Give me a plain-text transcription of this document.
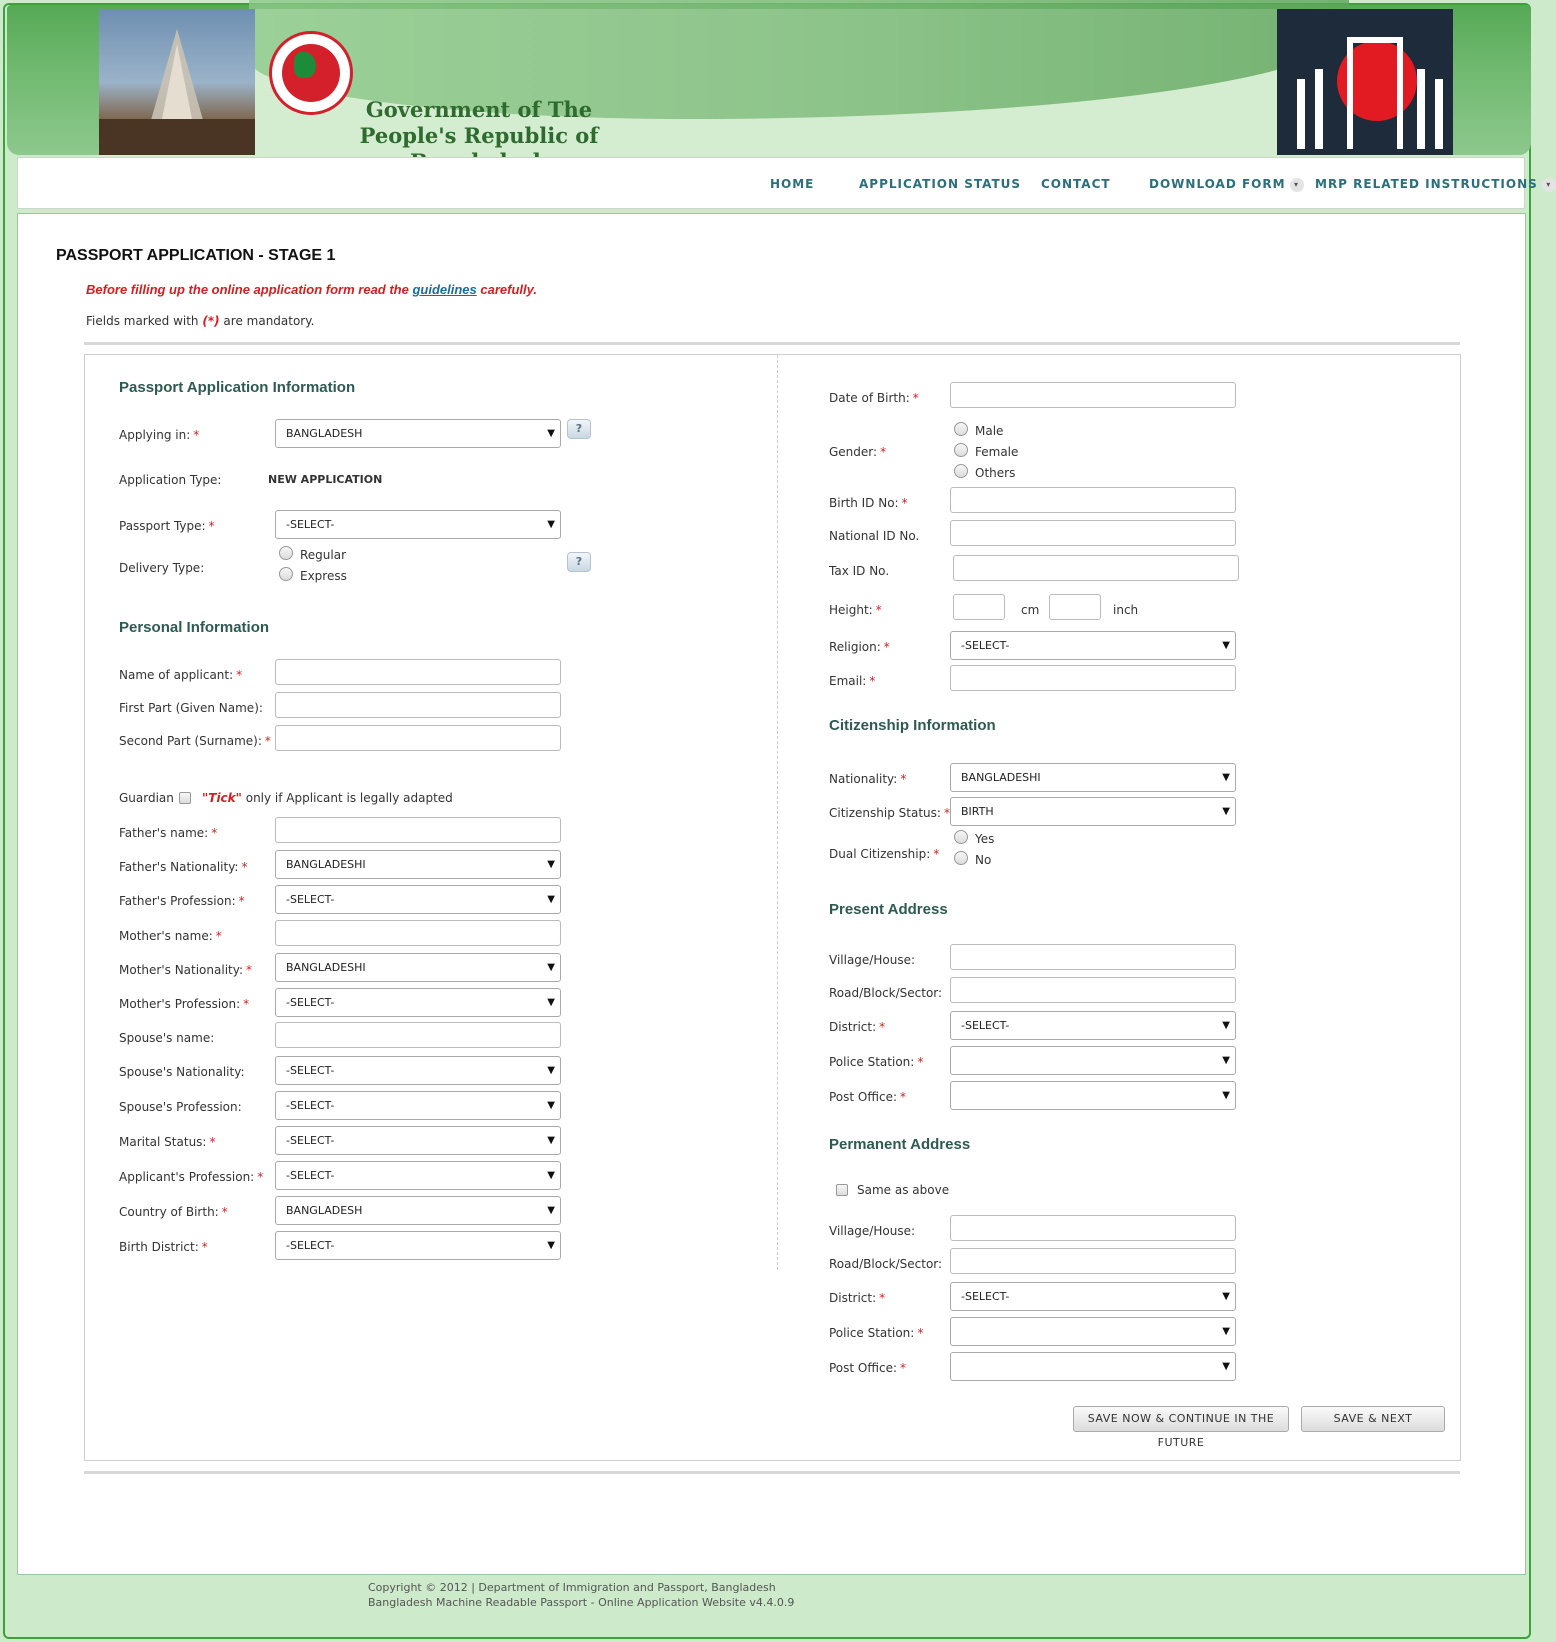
Government of The
People's Republic of
HOME	APPLICATION STATUS CONTACT	DOWNLOAD FORM ▾	MRP RELATED INSTRUCTIONS ▾
PASSPORT APPLICATION - STAGE 1
Before filling up the online application form read the guidelines carefully.
Fields marked with (*) are mandatory.
Passport Application Information
Applying in: *	BANGLADESH	▼	?
Application Type:	NEW APPLICATION
Passport Type: *	-SELECT-	▼
Delivery Type:
Regular
Express
?
Personal Information
Name of applicant: *
First Part (Given Name):
Second Part (Surname): *
Guardian "Tick" only if Applicant is legally adapted
Father's name: *
Father's Nationality: *	BANGLADESHI	▼
Father's Profession: *	-SELECT-	▼
Mother's name: *
Mother's Nationality: *	BANGLADESHI	▼
Mother's Profession: *	-SELECT-	▼
Spouse's name:
Spouse's Nationality:	-SELECT-	▼
Spouse's Profession:	-SELECT-	▼
Marital Status: *	-SELECT-	▼
Applicant's Profession: *	-SELECT-	▼
Country of Birth: *	BANGLADESH	▼
Birth District: *	-SELECT-	▼
Date of Birth: *
Gender: *
Male
Female
Others
Birth ID No: *
National ID No.
Tax ID No.
Height: *	cm	inch
Religion: *	-SELECT-	▼
Email: *
Citizenship Information
Nationality: *	BANGLADESHI	▼
Citizenship Status: *	BIRTH	▼
Dual Citizenship: *
Yes
No
Present Address
Village/House:
Road/Block/Sector:
District: *	-SELECT-	▼
Police Station: *	▼
Post Office: *	▼
Permanent Address
Same as above
Village/House:
Road/Block/Sector:
District: *	-SELECT-	▼
Police Station: *	▼
Post Office: *	▼
SAVE NOW & CONTINUE IN THE FUTURE
SAVE & NEXT
Copyright © 2012 | Department of Immigration and Passport, Bangladesh
Bangladesh Machine Readable Passport - Online Application Website v4.4.0.9
